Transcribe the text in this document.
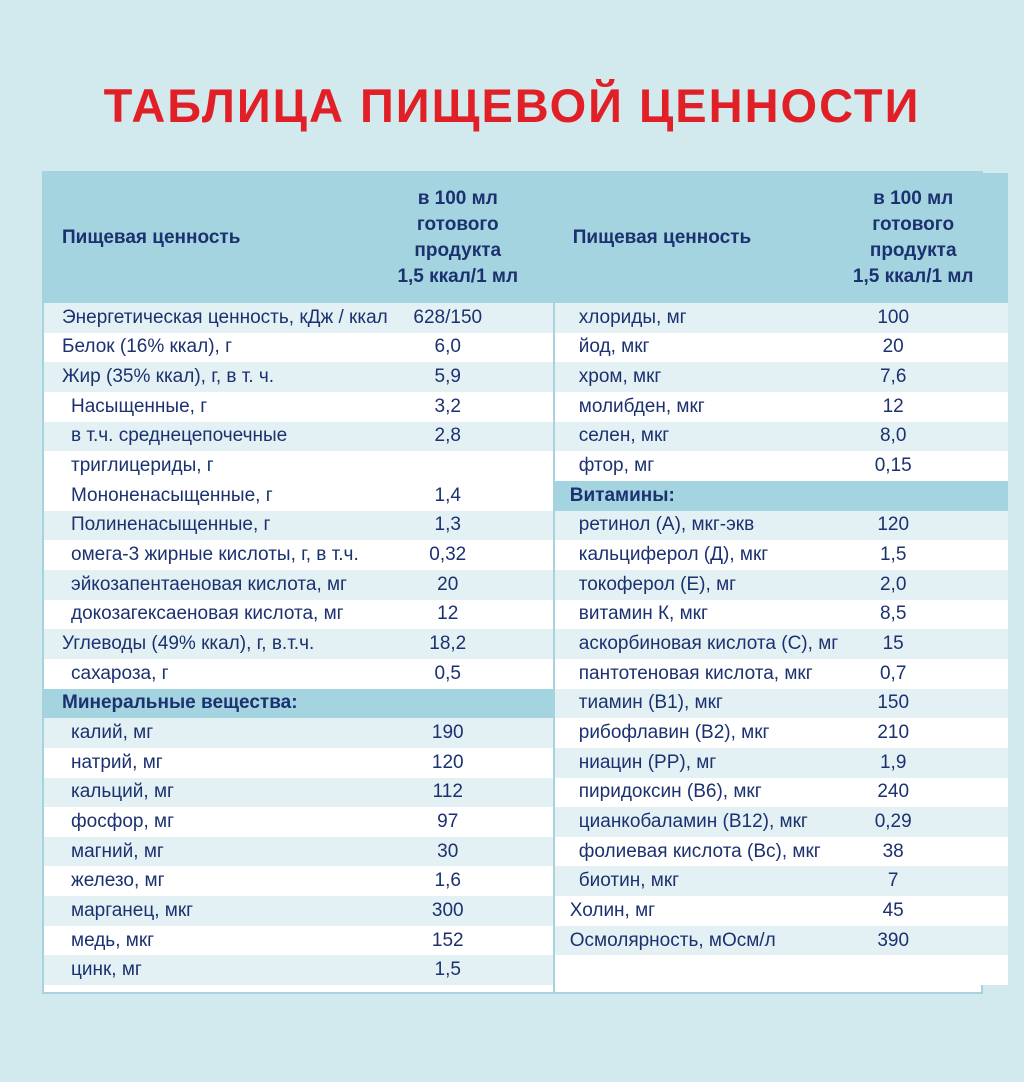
ТАБЛИЦА ПИЩЕВОЙ ЦЕННОСТИ
Пищевая ценность
в 100 мл
готового
продукта
1,5 ккал/1 мл
Энергетическая ценность, кДж / ккал	628/150
Белок (16% ккал), г	6,0
Жир (35% ккал), г, в т. ч.	5,9
Насыщенные, г	3,2
в т.ч. среднецепочечные	2,8
триглицериды, г
Мононенасыщенные, г	1,4
Полиненасыщенные, г	1,3
омега-3 жирные кислоты, г, в т.ч.	0,32
эйкозапентаеновая кислота, мг	20
докозагексаеновая кислота, мг	12
Углеводы (49% ккал), г, в.т.ч.	18,2
сахароза, г	0,5
Минеральные вещества:
калий, мг	190
натрий, мг	120
кальций, мг	112
фосфор, мг	97
магний, мг	30
железо, мг	1,6
марганец, мкг	300
медь, мкг	152
цинк, мг	1,5
Пищевая ценность
в 100 мл
готового
продукта
1,5 ккал/1 мл
хлориды, мг	100
йод, мкг	20
хром, мкг	7,6
молибден, мкг	12
селен, мкг	8,0
фтор, мг	0,15
Витамины:
ретинол (А), мкг-экв	120
кальциферол (Д), мкг	1,5
токоферол (Е), мг	2,0
витамин К, мкг	8,5
аскорбиновая кислота (С), мг	15
пантотеновая кислота, мкг	0,7
тиамин (В1), мкг	150
рибофлавин (В2), мкг	210
ниацин (РР), мг	1,9
пиридоксин (В6), мкг	240
цианкобаламин (В12), мкг	0,29
фолиевая кислота (Вс), мкг	38
биотин, мкг	7
Холин, мг	45
Осмолярность, мОсм/л	390
